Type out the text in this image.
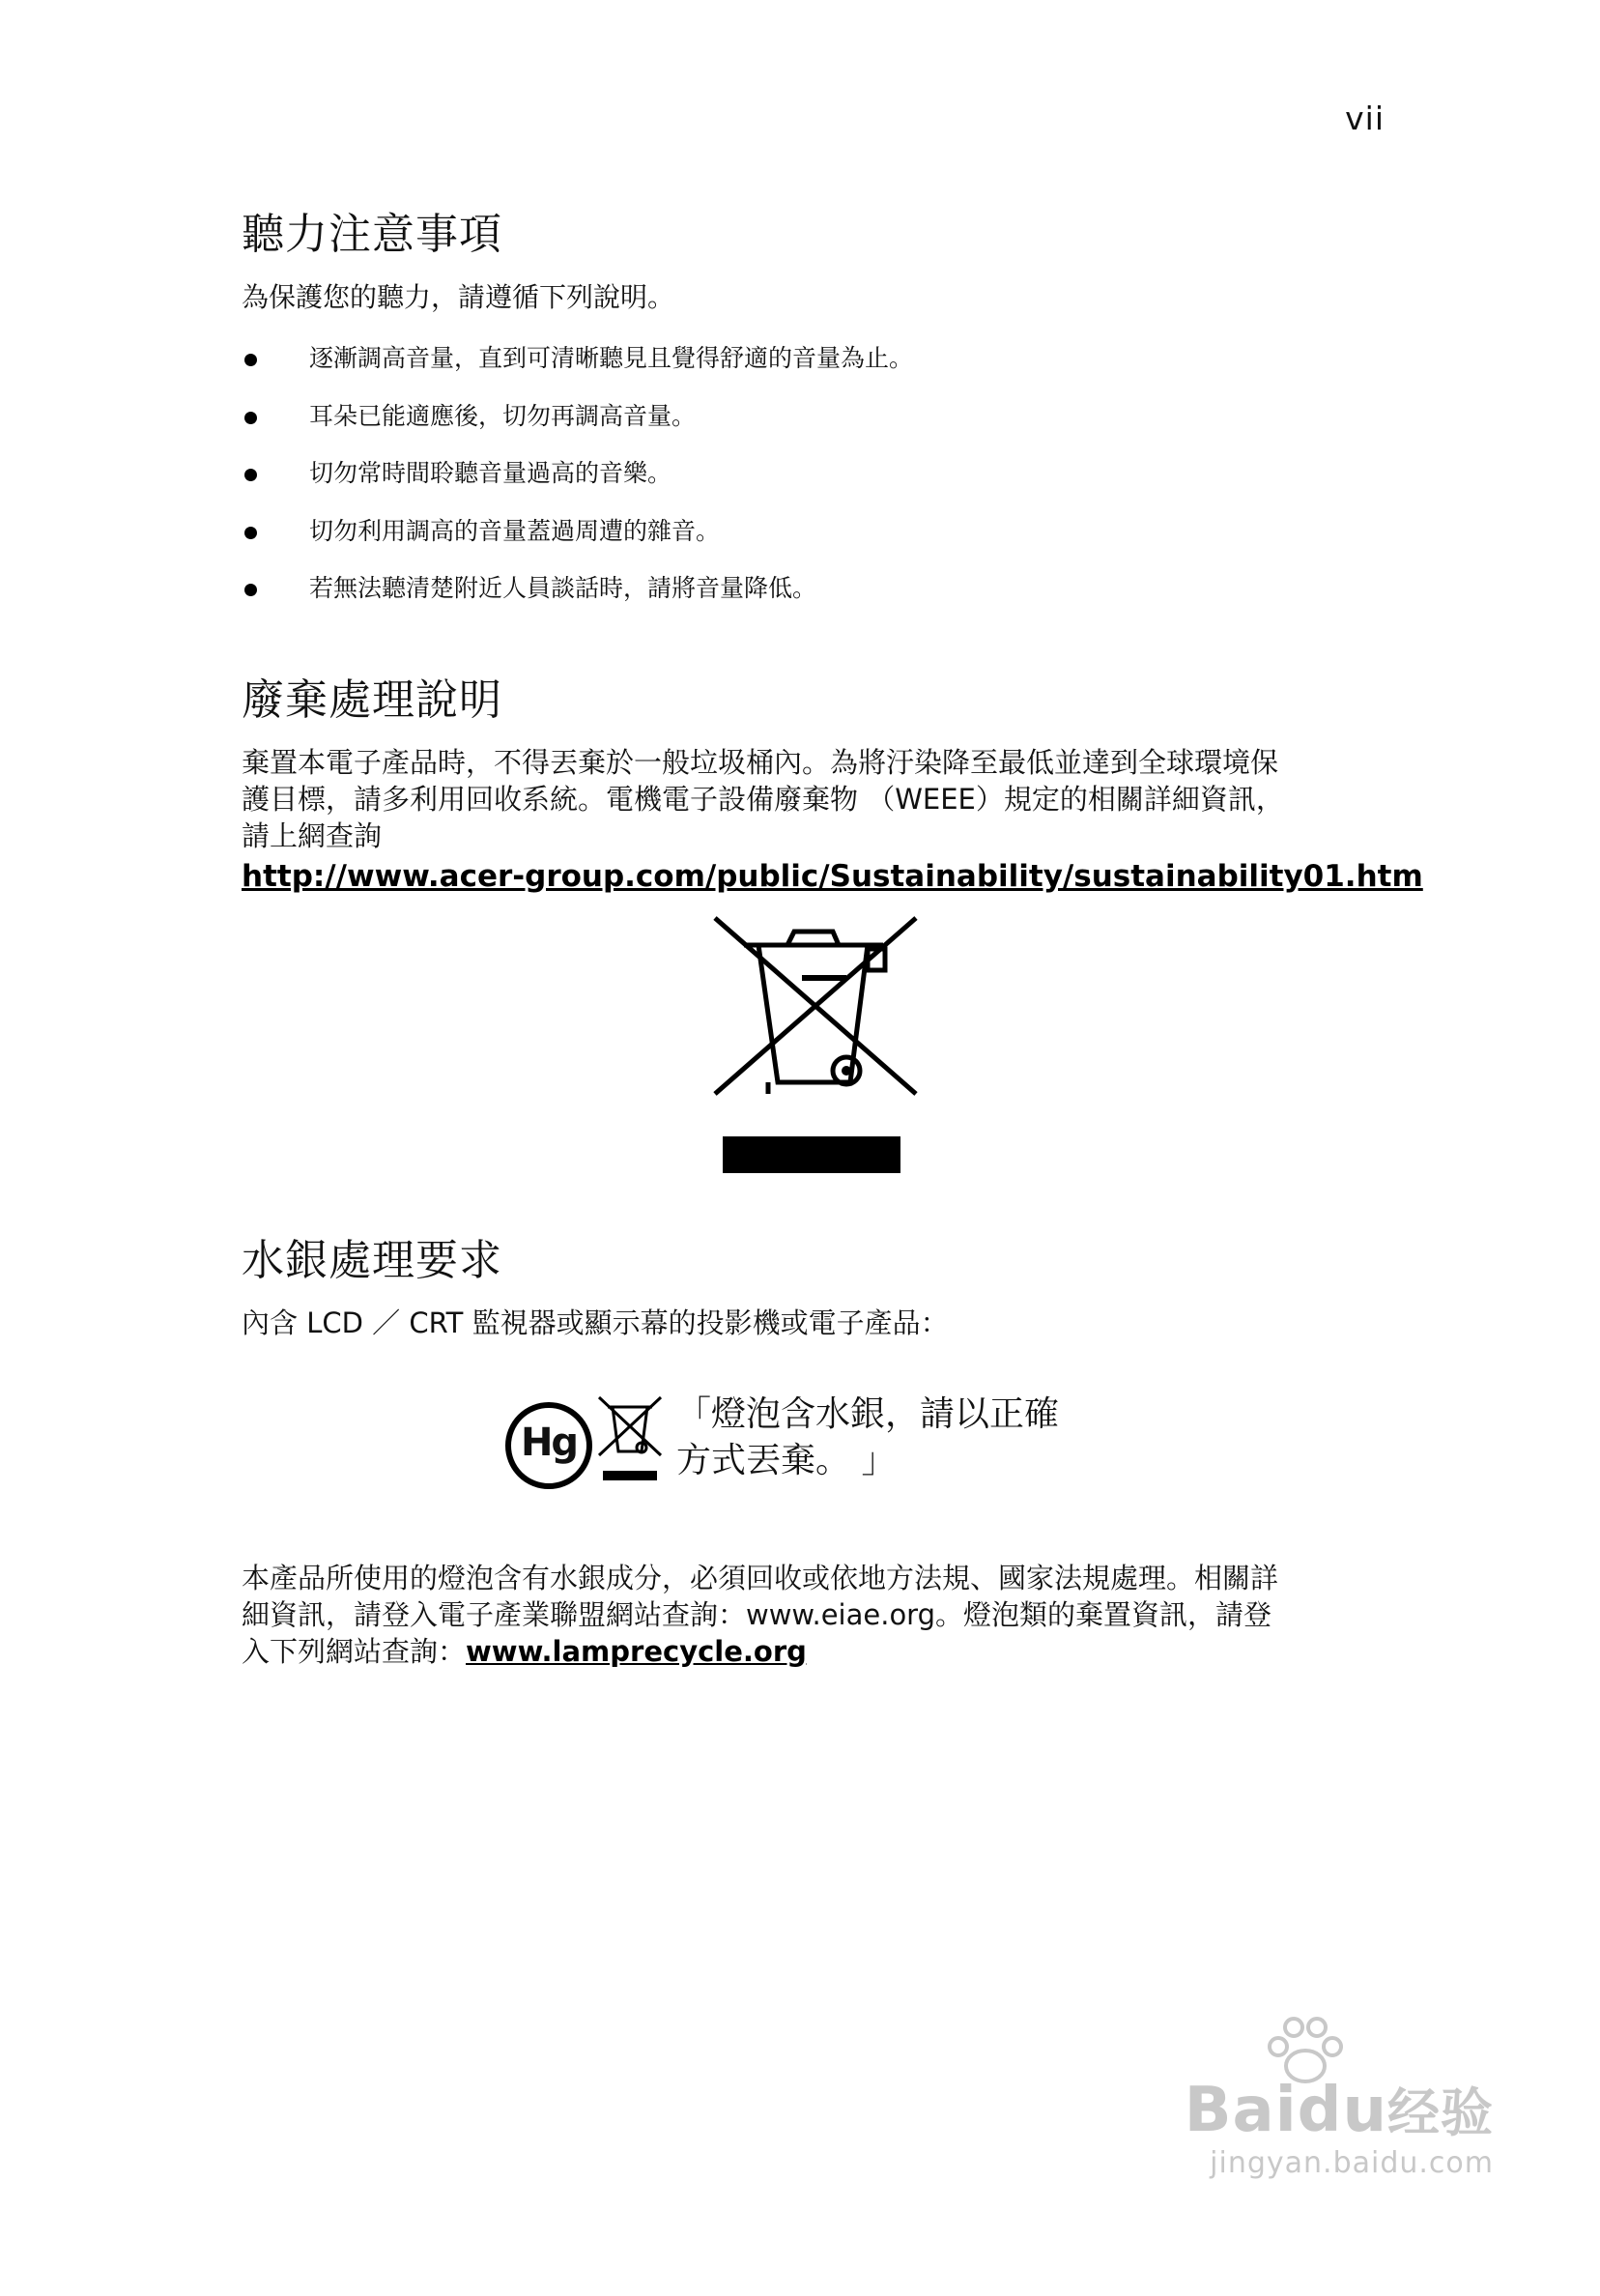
vii
聽力注意事項
為保護您的聽力，請遵循下列說明。
逐漸調高音量，直到可清晰聽見且覺得舒適的音量為止。
耳朵已能適應後，切勿再調高音量。
切勿常時間聆聽音量過高的音樂。
切勿利用調高的音量蓋過周遭的雜音。
若無法聽清楚附近人員談話時，請將音量降低。
廢棄處理說明
棄置本電子產品時，不得丟棄於一般垃圾桶內。為將汙染降至最低並達到全球環境保
護目標，請多利用回收系統。電機電子設備廢棄物 （WEEE）規定的相關詳細資訊，
請上網查詢
http://www.acer-group.com/public/Sustainability/sustainability01.htm
水銀處理要求
內含 LCD ／ CRT 監視器或顯示幕的投影機或電子產品：
Hg
「燈泡含水銀，請以正確
方式丟棄。 」
本產品所使用的燈泡含有水銀成分，必須回收或依地方法規、國家法規處理。相關詳
細資訊，請登入電子產業聯盟網站查詢：www.eiae.org。燈泡類的棄置資訊，請登
入下列網站查詢：www.lamprecycle.org
Baidu经验
jingyan.baidu.com
